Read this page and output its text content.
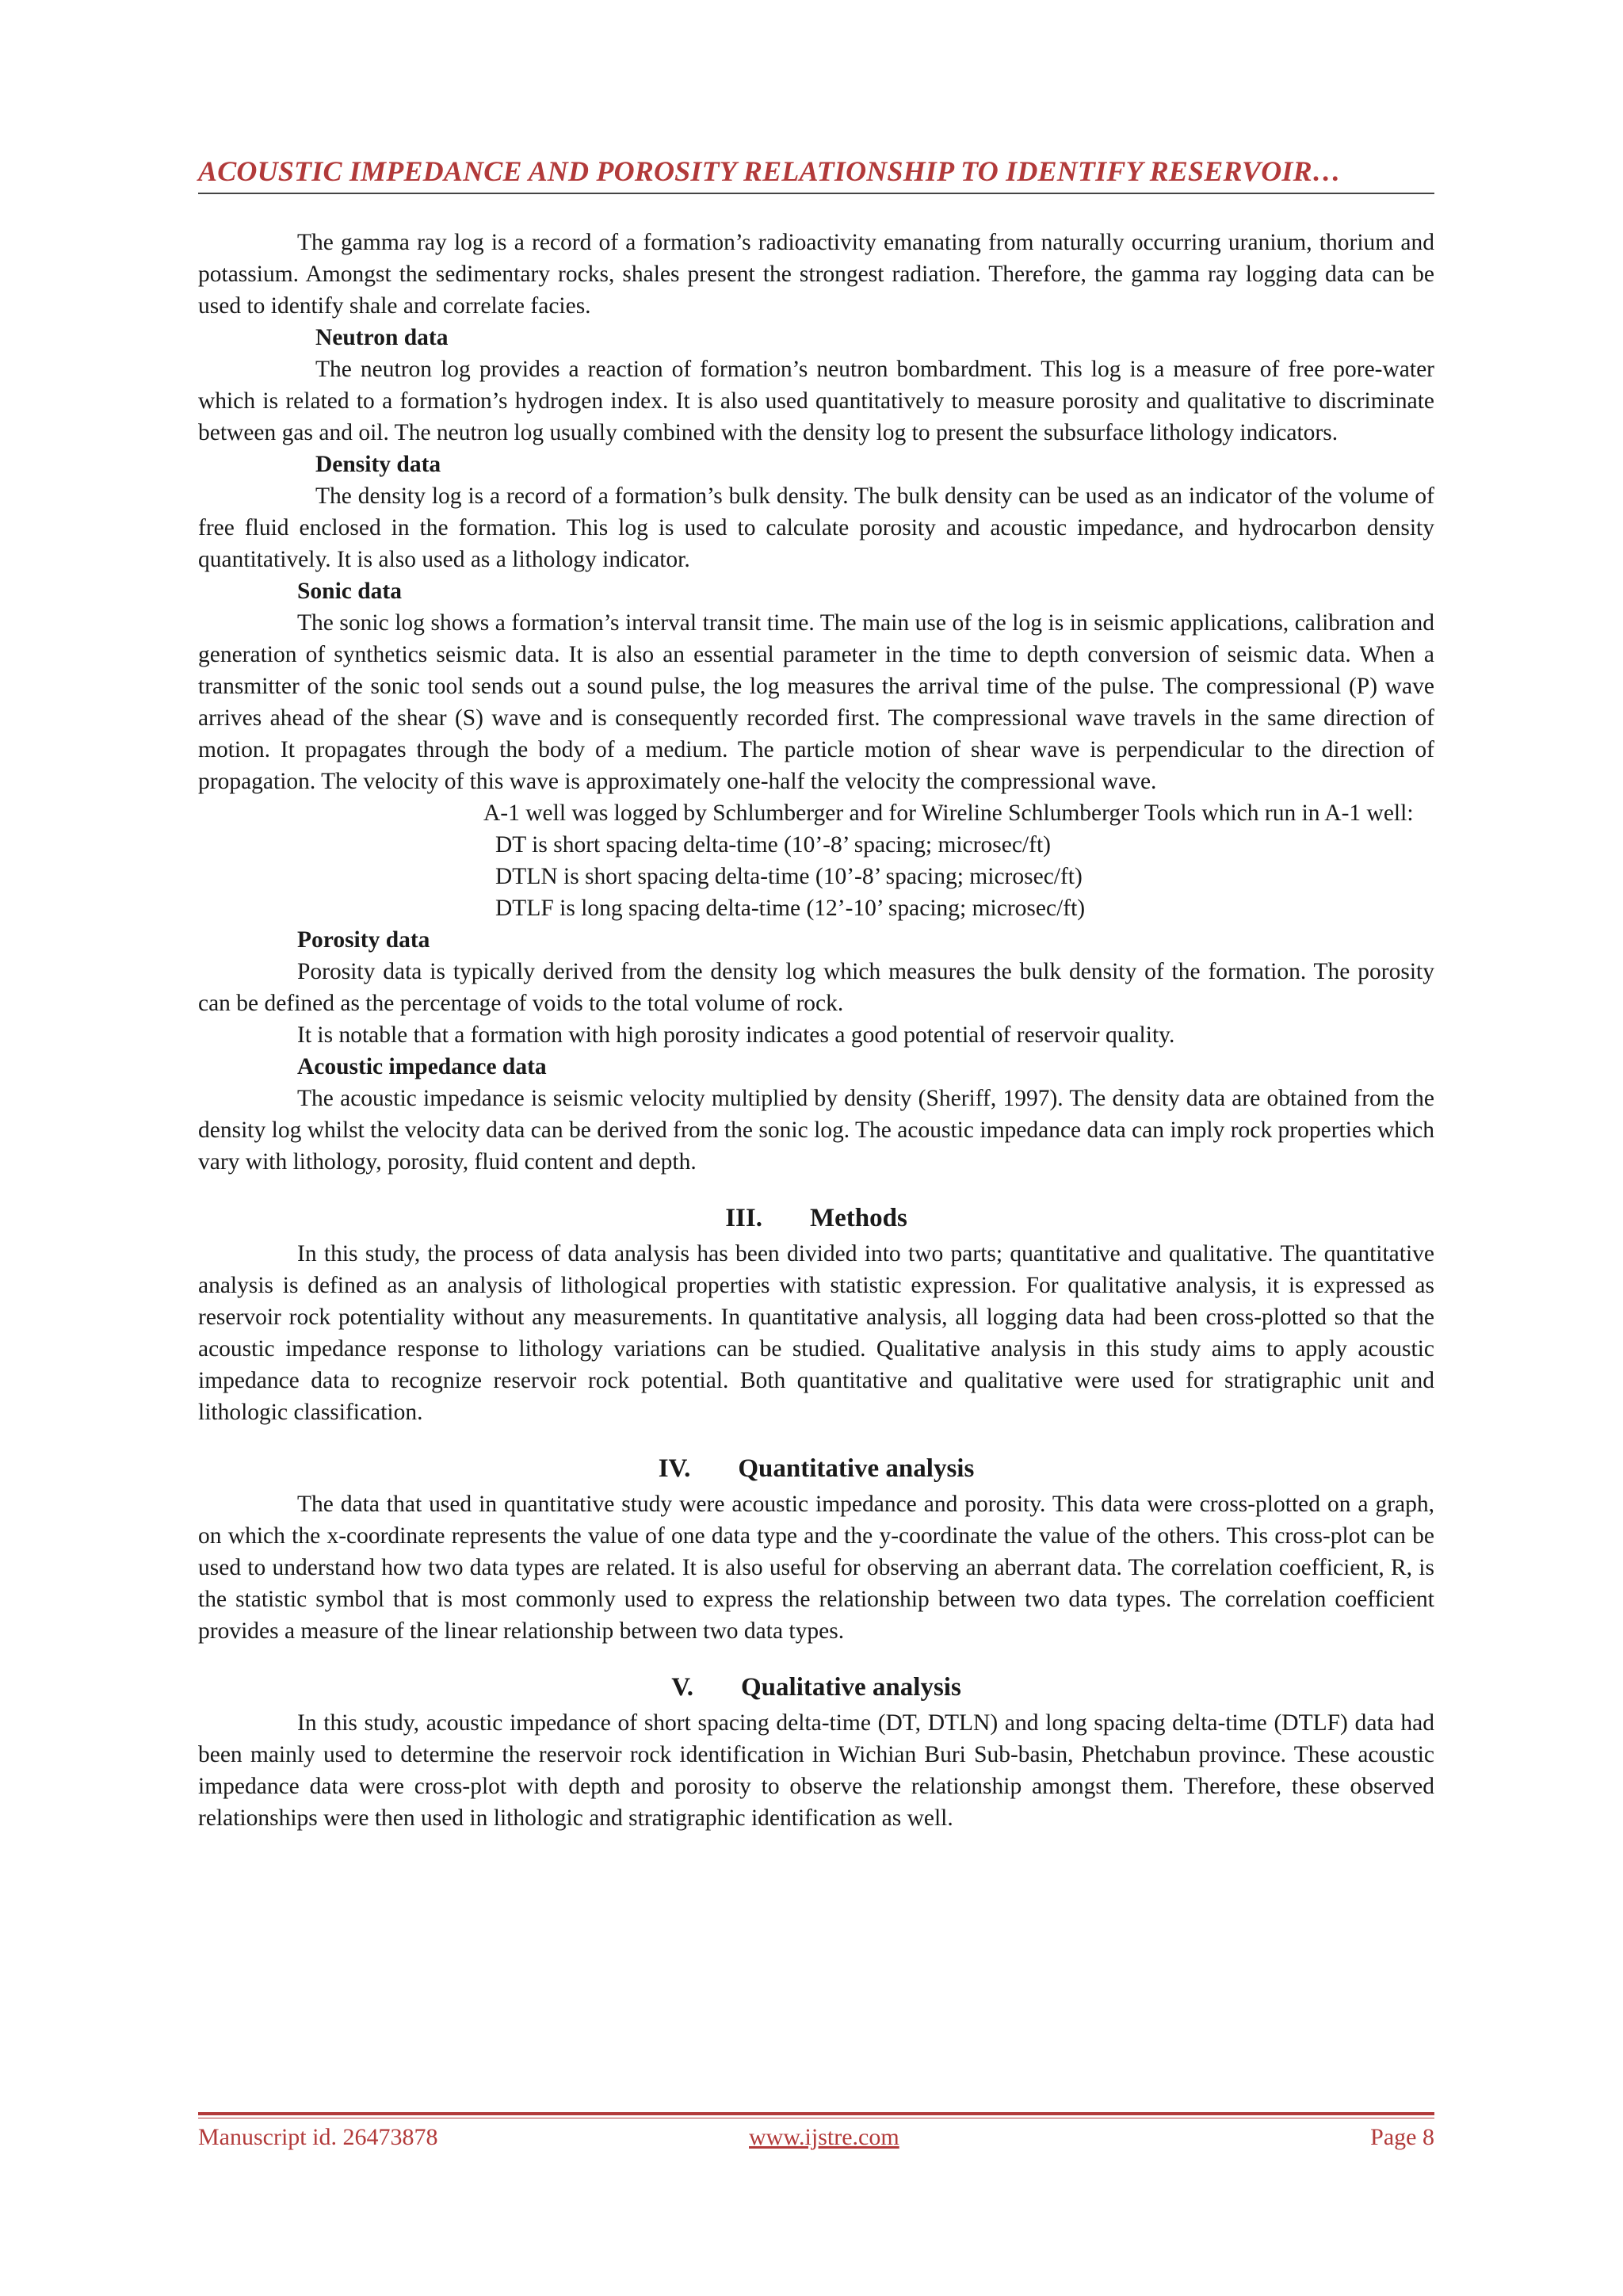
ACOUSTIC IMPEDANCE AND POROSITY RELATIONSHIP TO IDENTIFY RESERVOIR…

The gamma ray log is a record of a formation’s radioactivity emanating from naturally occurring uranium, thorium and potassium. Amongst the sedimentary rocks, shales present the strongest radiation. Therefore, the gamma ray logging data can be used to identify shale and correlate facies.

Neutron data

The neutron log provides a reaction of formation’s neutron bombardment. This log is a measure of free pore-water which is related to a formation’s hydrogen index. It is also used quantitatively to measure porosity and qualitative to discriminate between gas and oil. The neutron log usually combined with the density log to present the subsurface lithology indicators.

Density data

The density log is a record of a formation’s bulk density. The bulk density can be used as an indicator of the volume of free fluid enclosed in the formation. This log is used to calculate porosity and acoustic impedance, and hydrocarbon density quantitatively. It is also used as a lithology indicator.

Sonic data

The sonic log shows a formation’s interval transit time. The main use of the log is in seismic applications, calibration and generation of synthetics seismic data. It is also an essential parameter in the time to depth conversion of seismic data. When a transmitter of the sonic tool sends out a sound pulse, the log measures the arrival time of the pulse. The compressional (P) wave arrives ahead of the shear (S) wave and is consequently recorded first. The compressional wave travels in the same direction of motion. It propagates through the body of a medium. The particle motion of shear wave is perpendicular to the direction of propagation. The velocity of this wave is approximately one-half the velocity the compressional wave.

A-1 well was logged by Schlumberger and for Wireline Schlumberger Tools which run in A-1 well:

DT is short spacing delta-time (10’-8’ spacing; microsec/ft)
DTLN is short spacing delta-time (10’-8’ spacing; microsec/ft)
DTLF is long spacing delta-time (12’-10’ spacing; microsec/ft)
Porosity data

Porosity data is typically derived from the density log which measures the bulk density of the formation. The porosity can be defined as the percentage of voids to the total volume of rock.

It is notable that a formation with high porosity indicates a good potential of reservoir quality.

Acoustic impedance data

The acoustic impedance is seismic velocity multiplied by density (Sheriff, 1997). The density data are obtained from the density log whilst the velocity data can be derived from the sonic log. The acoustic impedance data can imply rock properties which vary with lithology, porosity, fluid content and depth.

III. Methods

In this study, the process of data analysis has been divided into two parts; quantitative and qualitative. The quantitative analysis is defined as an analysis of lithological properties with statistic expression. For qualitative analysis, it is expressed as reservoir rock potentiality without any measurements. In quantitative analysis, all logging data had been cross-plotted so that the acoustic impedance response to lithology variations can be studied. Qualitative analysis in this study aims to apply acoustic impedance data to recognize reservoir rock potential. Both quantitative and qualitative were used for stratigraphic unit and lithologic classification.

IV. Quantitative analysis

The data that used in quantitative study were acoustic impedance and porosity. This data were cross-plotted on a graph, on which the x-coordinate represents the value of one data type and the y-coordinate the value of the others. This cross-plot can be used to understand how two data types are related. It is also useful for observing an aberrant data. The correlation coefficient, R, is the statistic symbol that is most commonly used to express the relationship between two data types. The correlation coefficient provides a measure of the linear relationship between two data types.

V. Qualitative analysis

In this study, acoustic impedance of short spacing delta-time (DT, DTLN) and long spacing delta-time (DTLF) data had been mainly used to determine the reservoir rock identification in Wichian Buri Sub-basin, Phetchabun province. These acoustic impedance data were cross-plot with depth and porosity to observe the relationship amongst them. Therefore, these observed relationships were then used in lithologic and stratigraphic identification as well.

Manuscript id. 26473878	www.ijstre.com	Page 8
